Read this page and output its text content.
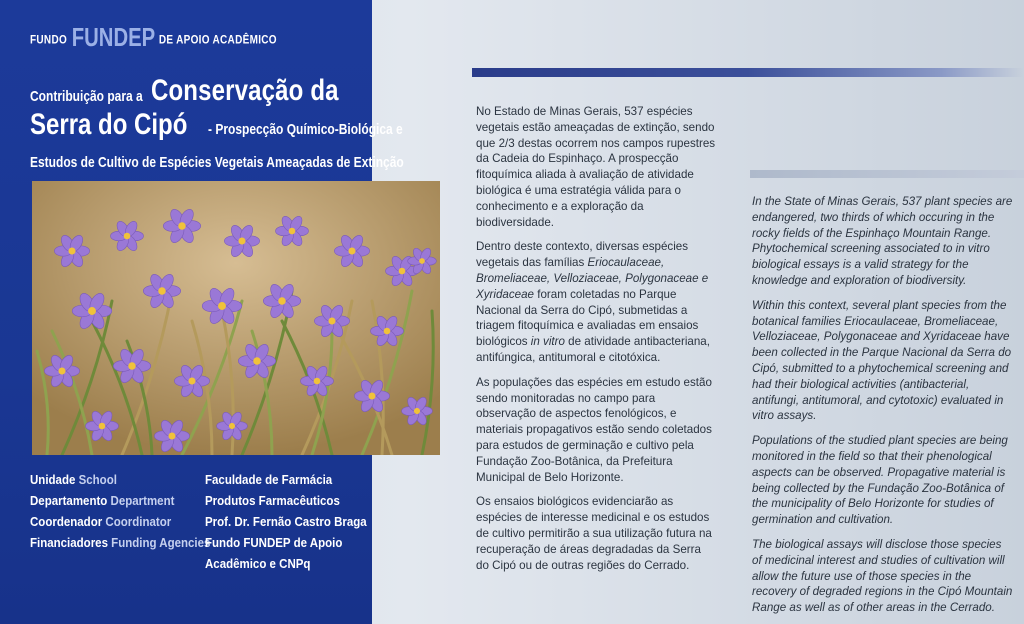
FUNDO FUNDEP DE APOIO ACADÊMICO
Contribuição para a Conservação da
Serra do Cipó - Prospecção Químico-Biológica e
Estudos de Cultivo de Espécies Vegetais Ameaçadas de Extinção
Unidade School
Departamento Department
Coordenador Coordinator
Financiadores Funding Agencies
Faculdade de Farmácia
Produtos Farmacêuticos
Prof. Dr. Fernão Castro Braga
Fundo FUNDEP de Apoio
Acadêmico e CNPq

No Estado de Minas Gerais, 537 espécies vegetais estão ameaçadas de extinção, sendo que 2/3 destas ocorrem nos campos rupestres da Cadeia do Espinhaço. A prospecção fitoquímica aliada à avaliação de atividade biológica é uma estratégia válida para o conhecimento e a exploração da biodiversidade.

Dentro deste contexto, diversas espécies vegetais das famílias Eriocaulaceae, Bromeliaceae, Velloziaceae, Polygonaceae e Xyridaceae foram coletadas no Parque Nacional da Serra do Cipó, submetidas a triagem fitoquímica e avaliadas em ensaios biológicos in vitro de atividade antibacteriana, antifúngica, antitumoral e citotóxica.

As populações das espécies em estudo estão sendo monitoradas no campo para observação de aspectos fenológicos, e materiais propagativos estão sendo coletados para estudos de germinação e cultivo pela Fundação Zoo-Botânica, da Prefeitura Municipal de Belo Horizonte.

Os ensaios biológicos evidenciarão as espécies de interesse medicinal e os estudos de cultivo permitirão a sua utilização futura na recuperação de áreas degradadas da Serra do Cipó ou de outras regiões do Cerrado.

In the State of Minas Gerais, 537 plant species are endangered, two thirds of which occuring in the rocky fields of the Espinhaço Mountain Range. Phytochemical screening associated to in vitro biological essays is a valid strategy for the knowledge and exploration of biodiversity.

Within this context, several plant species from the botanical families Eriocaulaceae, Bromeliaceae, Velloziaceae, Polygonaceae and Xyridaceae have been collected in the Parque Nacional da Serra do Cipó, submitted to a phytochemical screening and had their biological activities (antibacterial, antifungi, antitumoral, and cytotoxic) evaluated in vitro assays.

Populations of the studied plant species are being monitored in the field so that their phenological aspects can be observed. Propagative material is being collected by the Fundação Zoo-Botânica of the municipality of Belo Horizonte for studies of germination and cultivation.

The biological assays will disclose those species of medicinal interest and studies of cultivation will allow the future use of those species in the recovery of degraded regions in the Cipó Mountain Range as well as of other areas in the Cerrado.
